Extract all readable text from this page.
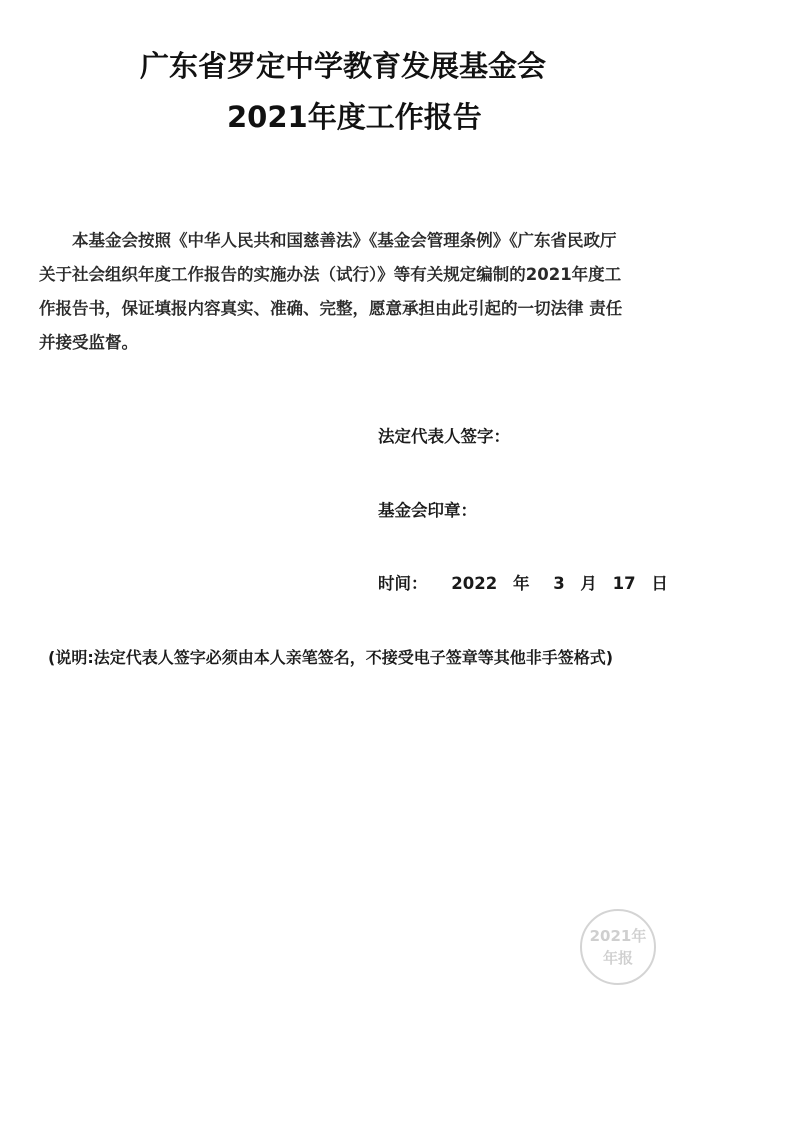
广东省罗定中学教育发展基金会
2021年度工作报告
　　本基金会按照《中华人民共和国慈善法》《基金会管理条例》《广东省民政厅
关于社会组织年度工作报告的实施办法（试行）》等有关规定编制的2021年度工
作报告书，保证填报内容真实、准确、完整，愿意承担由此引起的一切法律 责任
并接受监督。
法定代表人签字：
基金会印章：
时间： 2022 年 3 月 17 日
(说明:法定代表人签字必须由本人亲笔签名，不接受电子签章等其他非手签格式)
2021年
年报
